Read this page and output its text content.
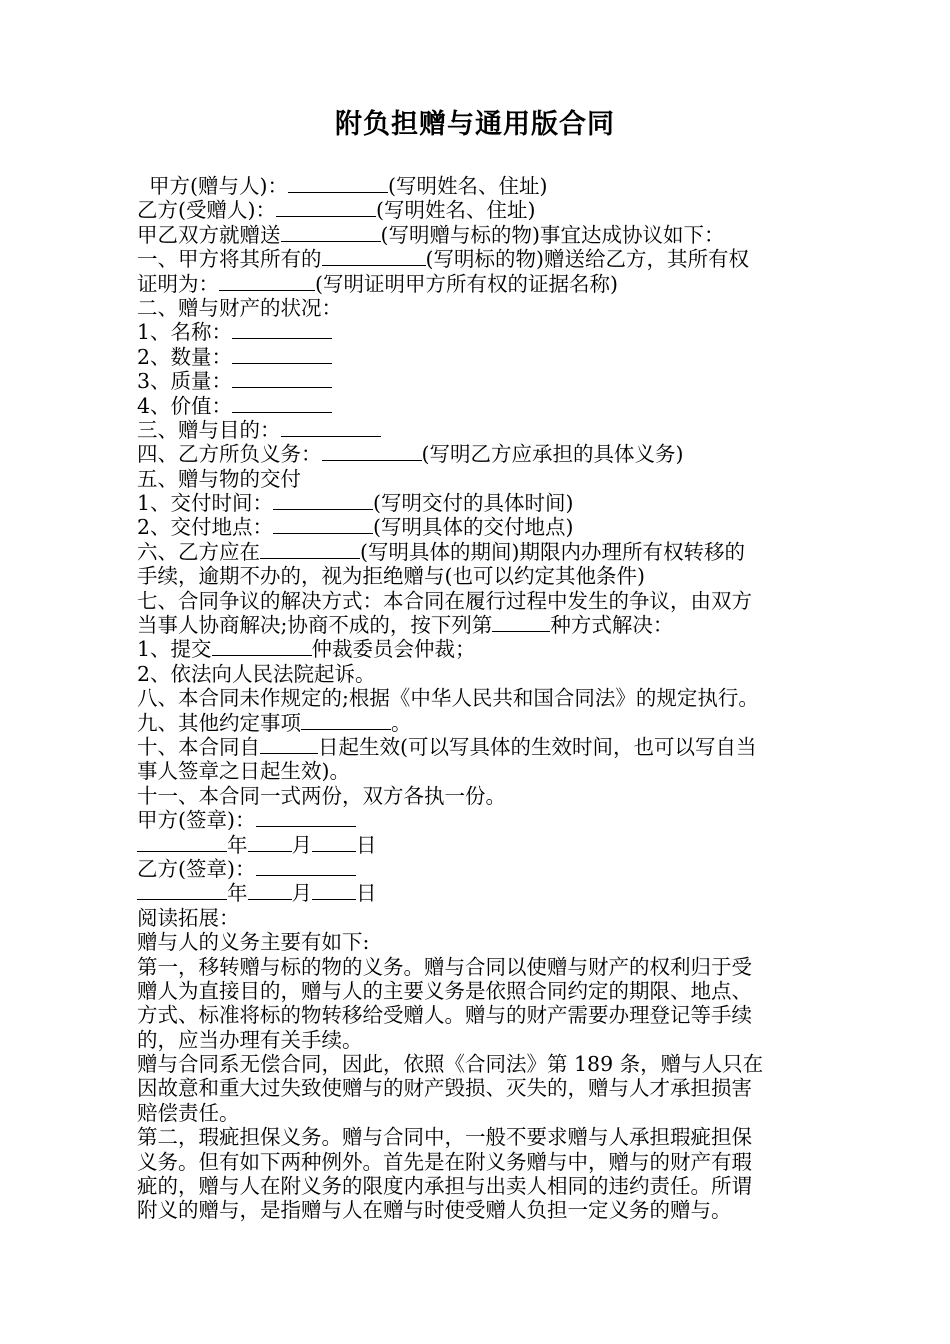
附负担赠与通用版合同
甲方(赠与人)：	(写明姓名、住址)
乙方(受赠人)：	(写明姓名、住址)
甲乙双方就赠送	(写明赠与标的物)事宜达成协议如下：
一、甲方将其所有的	(写明标的物)赠送给乙方，其所有权
证明为：	(写明证明甲方所有权的证据名称)
二、赠与财产的状况：
1、名称：
2、数量：
3、质量：
4、价值：
三、赠与目的：
四、乙方所负义务：	(写明乙方应承担的具体义务)
五、赠与物的交付
1、交付时间：	(写明交付的具体时间)
2、交付地点：	(写明具体的交付地点)
六、乙方应在	(写明具体的期间)期限内办理所有权转移的
手续，逾期不办的，视为拒绝赠与(也可以约定其他条件)
七、合同争议的解决方式：本合同在履行过程中发生的争议，由双方
当事人协商解决;协商不成的，按下列第	种方式解决：
1、提交	仲裁委员会仲裁；
2、依法向人民法院起诉。
八、本合同未作规定的;根据《中华人民共和国合同法》的规定执行。
九、其他约定事项	。
十、本合同自	日起生效(可以写具体的生效时间，也可以写自当
事人签章之日起生效)。
十一、本合同一式两份，双方各执一份。
甲方(签章)：
年 月 日
乙方(签章)：
年 月 日
阅读拓展：
赠与人的义务主要有如下:
第一，移转赠与标的物的义务。赠与合同以使赠与财产的权利归于受
赠人为直接目的，赠与人的主要义务是依照合同约定的期限、地点、
方式、标准将标的物转移给受赠人。赠与的财产需要办理登记等手续
的，应当办理有关手续。
赠与合同系无偿合同，因此，依照《合同法》第 189 条，赠与人只在
因故意和重大过失致使赠与的财产毁损、灭失的，赠与人才承担损害
赔偿责任。
第二，瑕疵担保义务。赠与合同中，一般不要求赠与人承担瑕疵担保
义务。但有如下两种例外。首先是在附义务赠与中，赠与的财产有瑕
疵的，赠与人在附义务的限度内承担与出卖人相同的违约责任。所谓
附义的赠与，是指赠与人在赠与时使受赠人负担一定义务的赠与。
